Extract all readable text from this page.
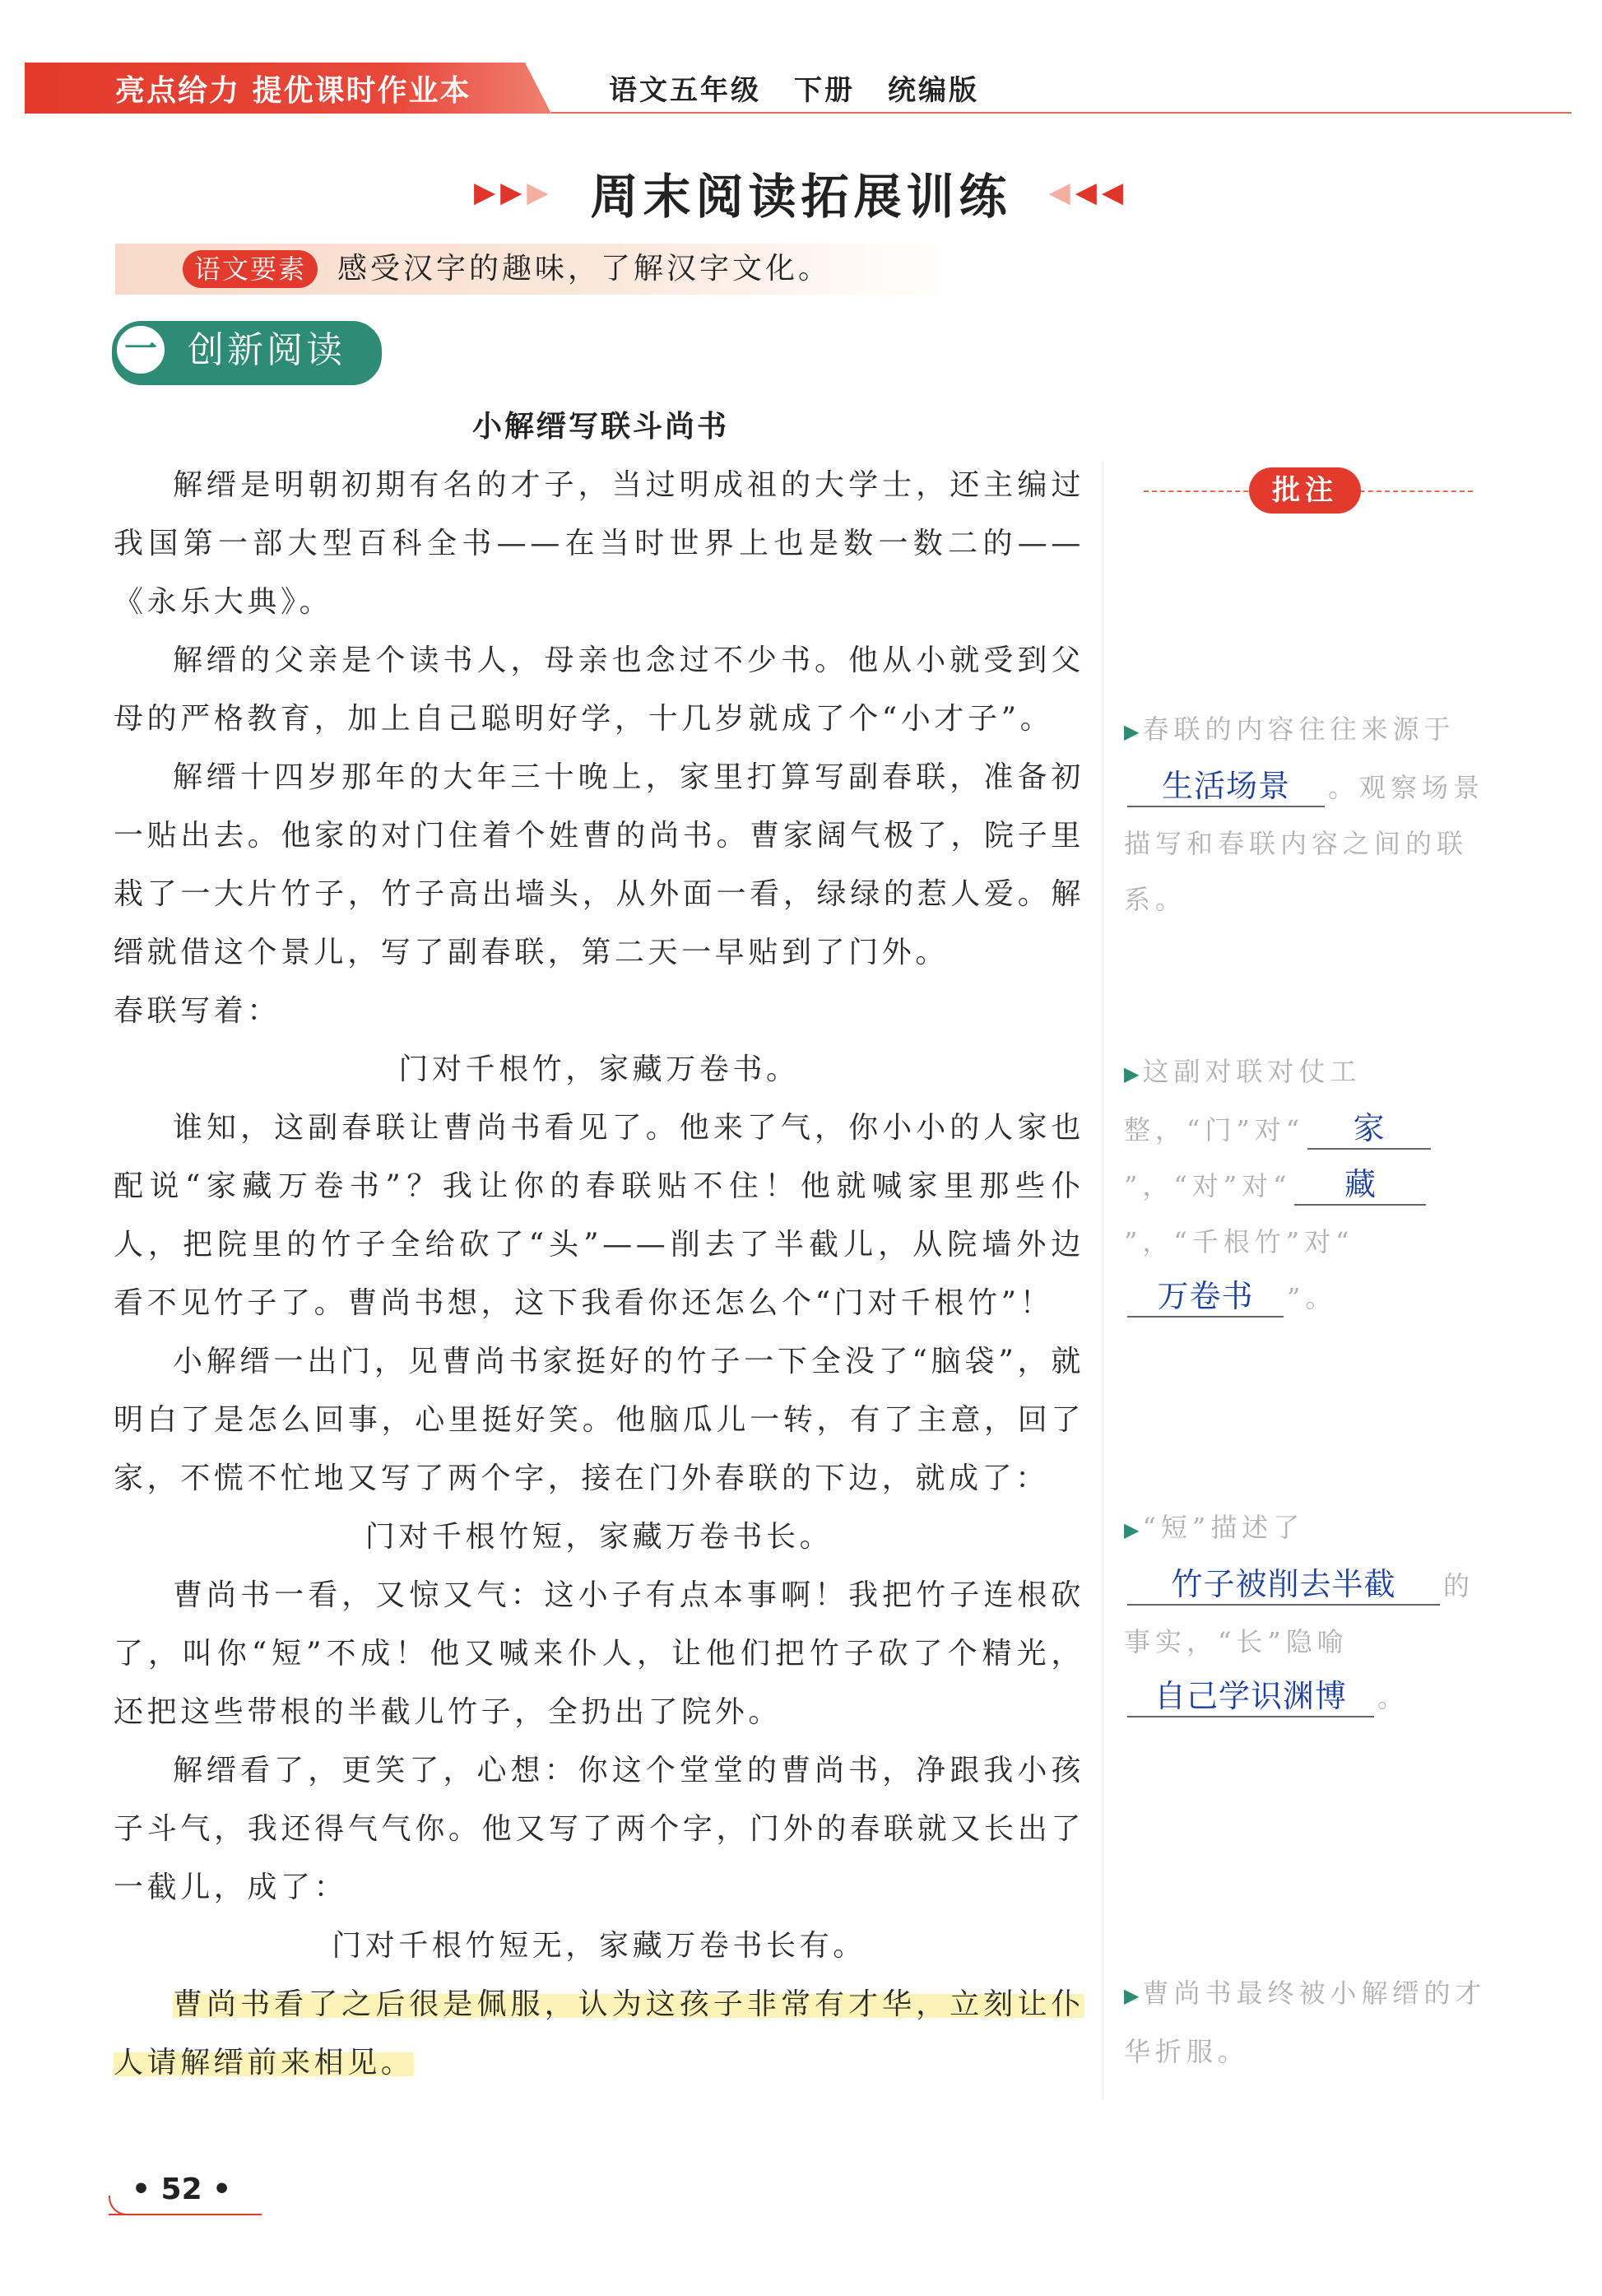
亮点给力 提优课时作业本	语文五年级 下册 统编版
▶▶▶ 周末阅读拓展训练 ◀◀◀
语文要素	感受汉字的趣味，了解汉字文化。
一 创新阅读
小解缙写联斗尚书

解缙是明朝初期有名的才子，当过明成祖的大学士，还主编过我国第一部大型百科全书——在当时世界上也是数一数二的——《永乐大典》。

解缙的父亲是个读书人，母亲也念过不少书。他从小就受到父母的严格教育，加上自己聪明好学，十几岁就成了个“小才子”。

解缙十四岁那年的大年三十晚上，家里打算写副春联，准备初一贴出去。他家的对门住着个姓曹的尚书。曹家阔气极了，院子里栽了一大片竹子，竹子高出墙头，从外面一看，绿绿的惹人爱。解缙就借这个景儿，写了副春联，第二天一早贴到了门外。

春联写着：

门对千根竹，家藏万卷书。

谁知，这副春联让曹尚书看见了。他来了气，你小小的人家也配说“家藏万卷书”？我让你的春联贴不住！他就喊家里那些仆人，把院里的竹子全给砍了“头”——削去了半截儿，从院墙外边看不见竹子了。曹尚书想，这下我看你还怎么个“门对千根竹”！

小解缙一出门，见曹尚书家挺好的竹子一下全没了“脑袋”，就明白了是怎么回事，心里挺好笑。他脑瓜儿一转，有了主意，回了家，不慌不忙地又写了两个字，接在门外春联的下边，就成了：

门对千根竹短，家藏万卷书长。

曹尚书一看，又惊又气：这小子有点本事啊！我把竹子连根砍了，叫你“短”不成！他又喊来仆人，让他们把竹子砍了个精光，还把这些带根的半截儿竹子，全扔出了院外。

解缙看了，更笑了，心想：你这个堂堂的曹尚书，净跟我小孩子斗气，我还得气气你。他又写了两个字，门外的春联就又长出了一截儿，成了：

门对千根竹短无，家藏万卷书长有。

曹尚书看了之后很是佩服，认为这孩子非常有才华，立刻让仆人请解缙前来相见。

批注
▶ 春联的内容往往来源于生活场景 。观察场景描写和春联内容之间的联系。
▶ 这副对联对仗工整，“门”对“ 家”，“对”对“ 藏”，“千根竹”对“万卷书 ”。
▶ “短”描述了竹子被削去半截 的事实，“长”隐喻自己学识渊博 。
▶ 曹尚书最终被小解缙的才华折服。
• 52 •
